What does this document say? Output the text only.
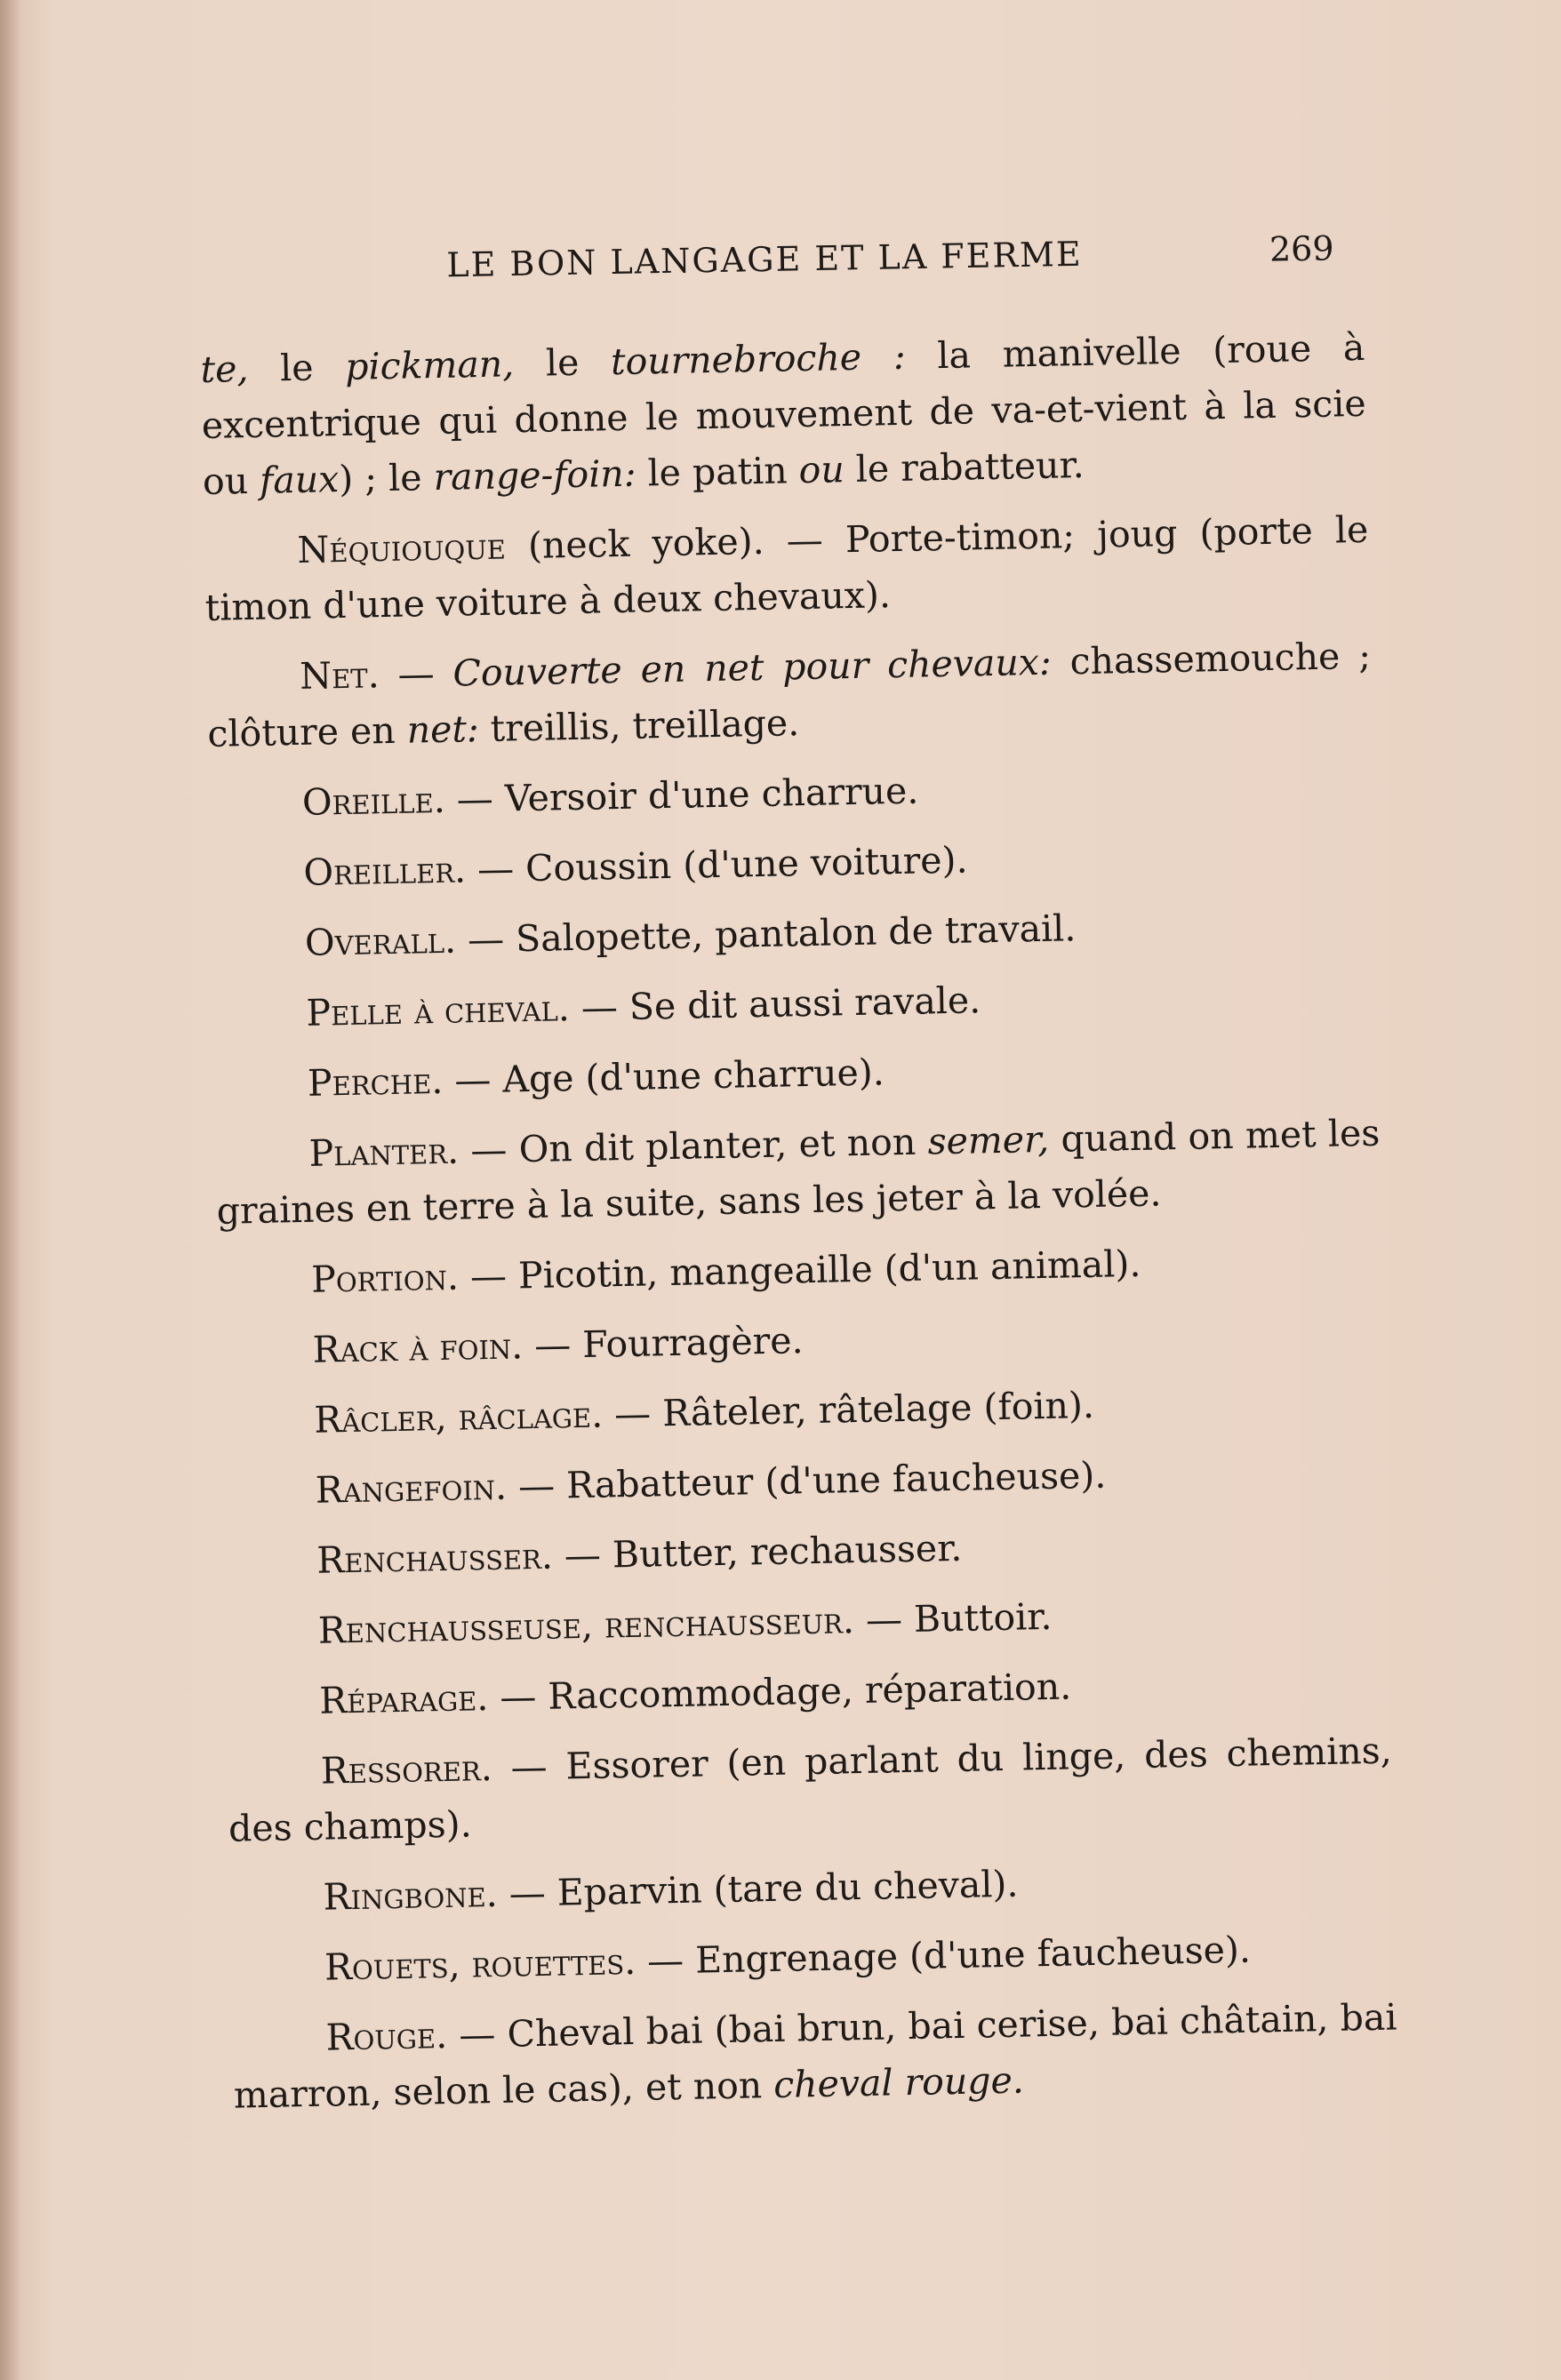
LE BON LANGAGE ET LA FERME	269

te, le pickman, le tournebroche : la manivelle (roue à excentrique qui donne le mouvement de va-et-vient à la scie ou faux) ; le range-foin: le patin ou le rabatteur.

Néquiouque (neck yoke). — Porte-timon; joug (porte le timon d'une voiture à deux chevaux).

Net. — Couverte en net pour chevaux: chassemouche ; clôture en net: treillis, treillage.

Oreille. — Versoir d'une charrue.

Oreiller. — Coussin (d'une voiture).

Overall. — Salopette, pantalon de travail.

Pelle à cheval. — Se dit aussi ravale.

Perche. — Age (d'une charrue).

Planter. — On dit planter, et non semer, quand on met les graines en terre à la suite, sans les jeter à la volée.

Portion. — Picotin, mangeaille (d'un animal).

Rack à foin. — Fourragère.

Râcler, râclage. — Râteler, râtelage (foin).

Rangefoin. — Rabatteur (d'une faucheuse).

Renchausser. — Butter, rechausser.

Renchausseuse, renchausseur. — Buttoir.

Réparage. — Raccommodage, réparation.

Ressorer. — Essorer (en parlant du linge, des chemins, des champs).

Ringbone. — Eparvin (tare du cheval).

Rouets, rouettes. — Engrenage (d'une faucheuse).

Rouge. — Cheval bai (bai brun, bai cerise, bai châtain, bai marron, selon le cas), et non cheval rouge.
